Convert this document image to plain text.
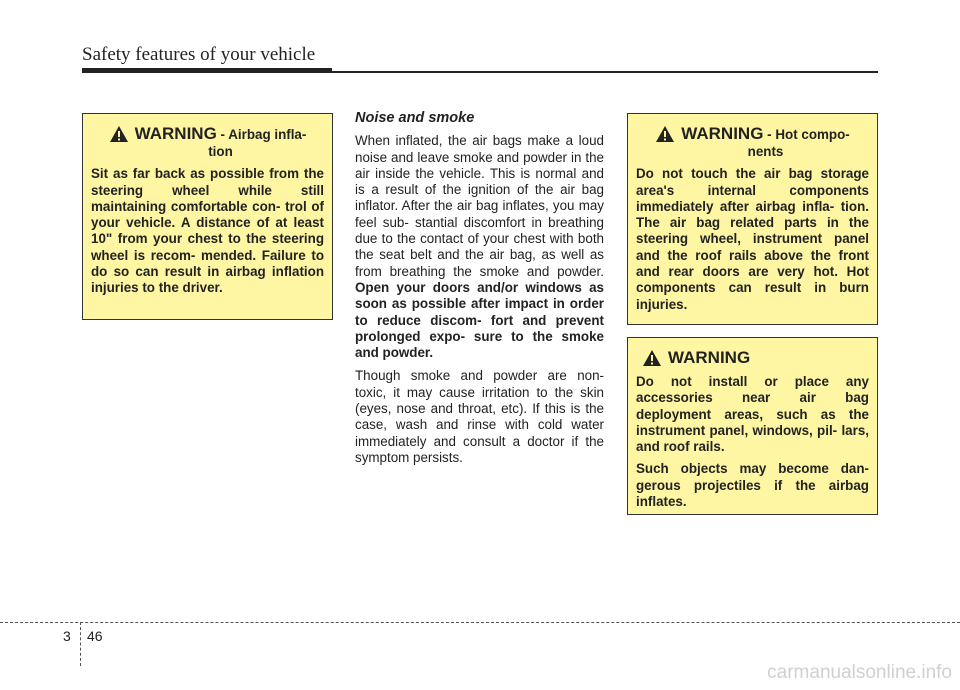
Safety features of your vehicle
WARNING - Airbag infla-
tion

Sit as far back as possible from the steering wheel while still maintaining comfortable con- trol of your vehicle. A distance of at least 10" from your chest to the steering wheel is recom- mended. Failure to do so can result in airbag inflation injuries to the driver.

Noise and smoke

When inflated, the air bags make a loud noise and leave smoke and powder in the air inside the vehicle. This is normal and is a result of the ignition of the air bag inflator. After the air bag inflates, you may feel sub- stantial discomfort in breathing due to the contact of your chest with both the seat belt and the air bag, as well as from breathing the smoke and powder. Open your doors and/or windows as soon as possible after impact in order to reduce discom- fort and prevent prolonged expo- sure to the smoke and powder.

Though smoke and powder are non- toxic, it may cause irritation to the skin (eyes, nose and throat, etc). If this is the case, wash and rinse with cold water immediately and consult a doctor if the symptom persists.

WARNING - Hot compo-
nents

Do not touch the air bag storage area's internal components immediately after airbag infla- tion. The air bag related parts in the steering wheel, instrument panel and the roof rails above the front and rear doors are very hot. Hot components can result in burn injuries.

WARNING

Do not install or place any accessories near air bag deployment areas, such as the instrument panel, windows, pil- lars, and roof rails.

Such objects may become dan- gerous projectiles if the airbag inflates.

3 46
carmanualsonline.info
